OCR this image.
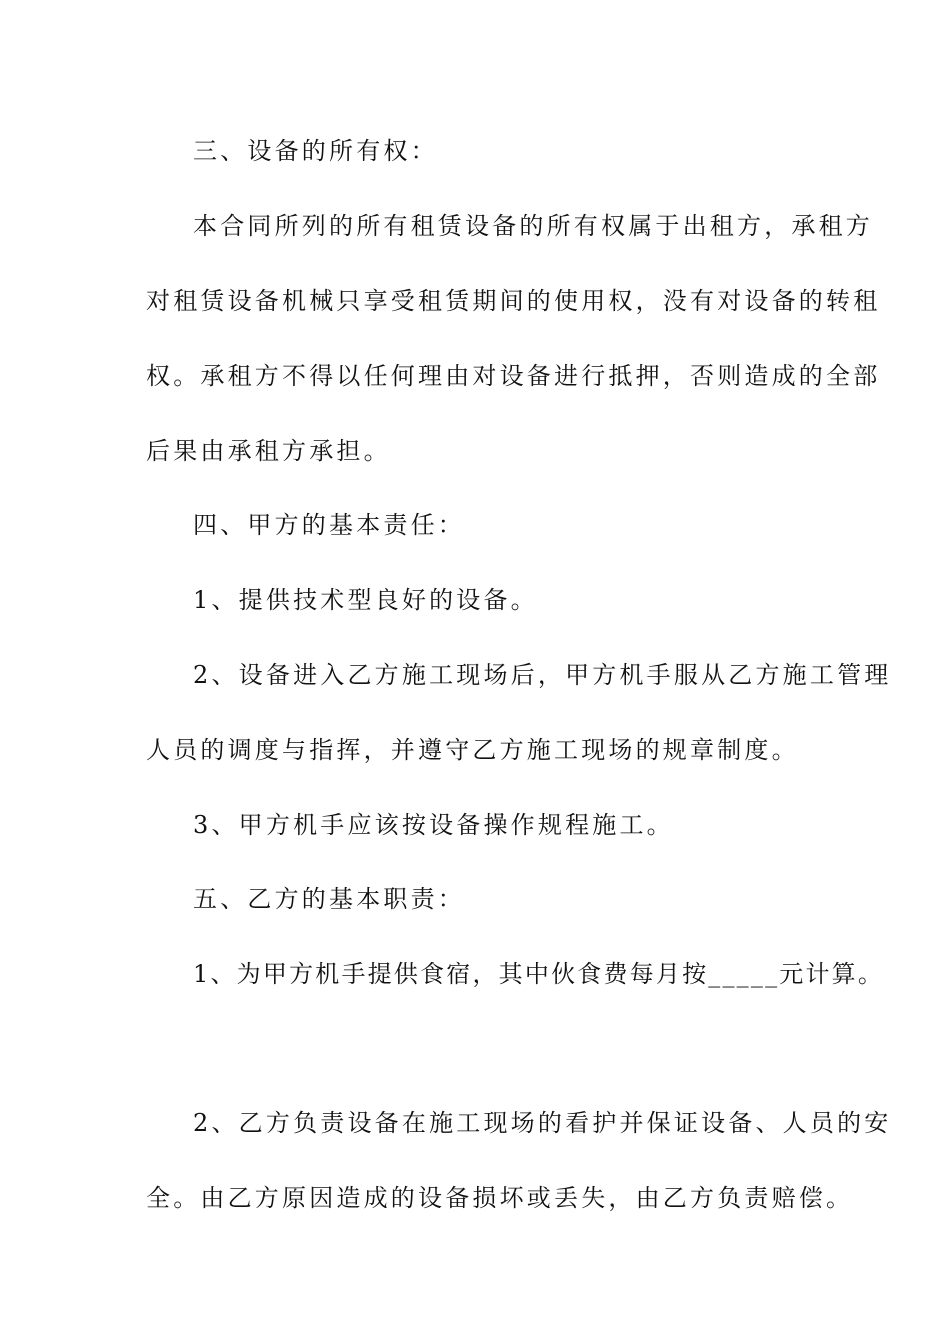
三、设备的所有权：
本合同所列的所有租赁设备的所有权属于出租方，承租方
对租赁设备机械只享受租赁期间的使用权，没有对设备的转租
权。承租方不得以任何理由对设备进行抵押，否则造成的全部
后果由承租方承担。
四、甲方的基本责任：
1、提供技术型良好的设备。
2、设备进入乙方施工现场后，甲方机手服从乙方施工管理
人员的调度与指挥，并遵守乙方施工现场的规章制度。
3、甲方机手应该按设备操作规程施工。
五、乙方的基本职责：
1、为甲方机手提供食宿，其中伙食费每月按_____元计算。
2、乙方负责设备在施工现场的看护并保证设备、人员的安
全。由乙方原因造成的设备损坏或丢失，由乙方负责赔偿。
